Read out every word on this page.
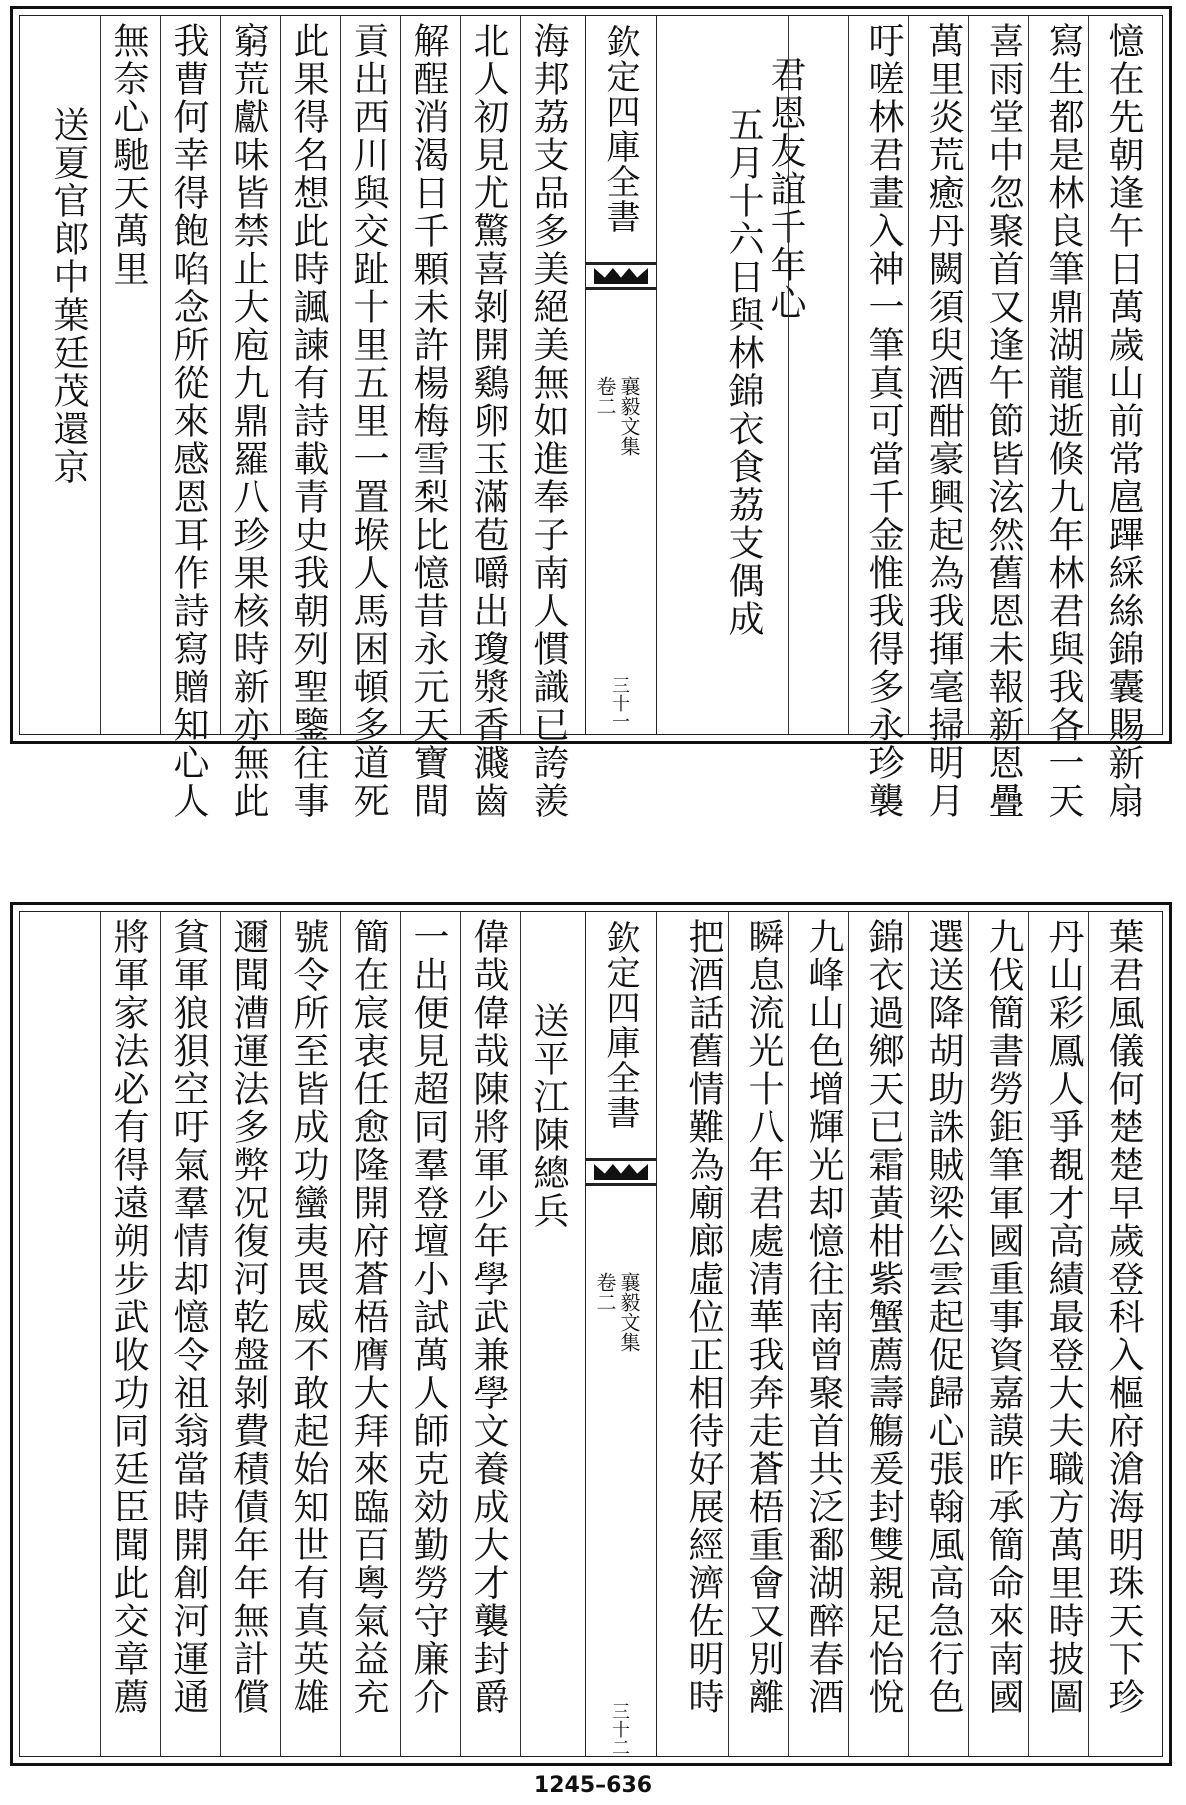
憶在先朝逢午日萬歲山前常扈蹕綵絲錦囊賜新扇
寫生都是林良筆鼎湖龍逝倏九年林君與我各一天
喜雨堂中忽聚首又逢午節皆泫然舊恩未報新恩疊
萬里炎荒癒丹闕須臾酒酣豪興起為我揮毫掃明月
吁嗟林君畫入神一筆真可當千金惟我得多永珍襲
君恩友誼千年心
五月十六日與林錦衣食荔支偶成
欽定四庫全書
襄毅文集
卷二
三十一
海邦荔支品多美絕美無如進奉子南人慣識已誇羨
北人初見尤驚喜剝開鷄卵玉滿苞嚼出瓊漿香濺齒
解酲消渴日千顆未許楊梅雪梨比憶昔永元天寶間
貢出西川與交趾十里五里一置堠人馬困頓多道死
此果得名想此時諷諫有詩載青史我朝列聖鑒往事
窮荒獻味皆禁止大庖九鼎羅八珍果核時新亦無此
我曹何幸得飽啗念所從來感恩耳作詩寫贈知心人
無奈心馳天萬里
送夏官郎中葉廷茂還京
葉君風儀何楚楚早歲登科入樞府滄海明珠天下珍
丹山彩鳳人爭覩才高績最登大夫職方萬里時披圖
九伐簡書勞鉅筆軍國重事資嘉謨昨承簡命來南國
選送降胡助誅賊梁公雲起促歸心張翰風高急行色
錦衣過鄉天已霜黃柑紫蟹薦壽觴爰封雙親足怡悅
九峰山色增輝光却憶往南曾聚首共泛鄱湖醉春酒
瞬息流光十八年君處清華我奔走蒼梧重會又別離
把酒話舊情難為廟廊虛位正相待好展經濟佐明時
欽定四庫全書
襄毅文集
卷二
三十二
送平江陳總兵
偉哉偉哉陳將軍少年學武兼學文養成大才襲封爵
一出便見超同羣登壇小試萬人師克効勤勞守廉介
簡在宸衷任愈隆開府蒼梧膺大拜來臨百粵氣益充
號令所至皆成功蠻夷畏威不敢起始知世有真英雄
邇聞漕運法多弊况復河乾盤剝費積債年年無計償
貧軍狼狽空吁氣羣情却憶令祖翁當時開創河運通
將軍家法必有得遠朔步武收功同廷臣聞此交章薦
1245–636
